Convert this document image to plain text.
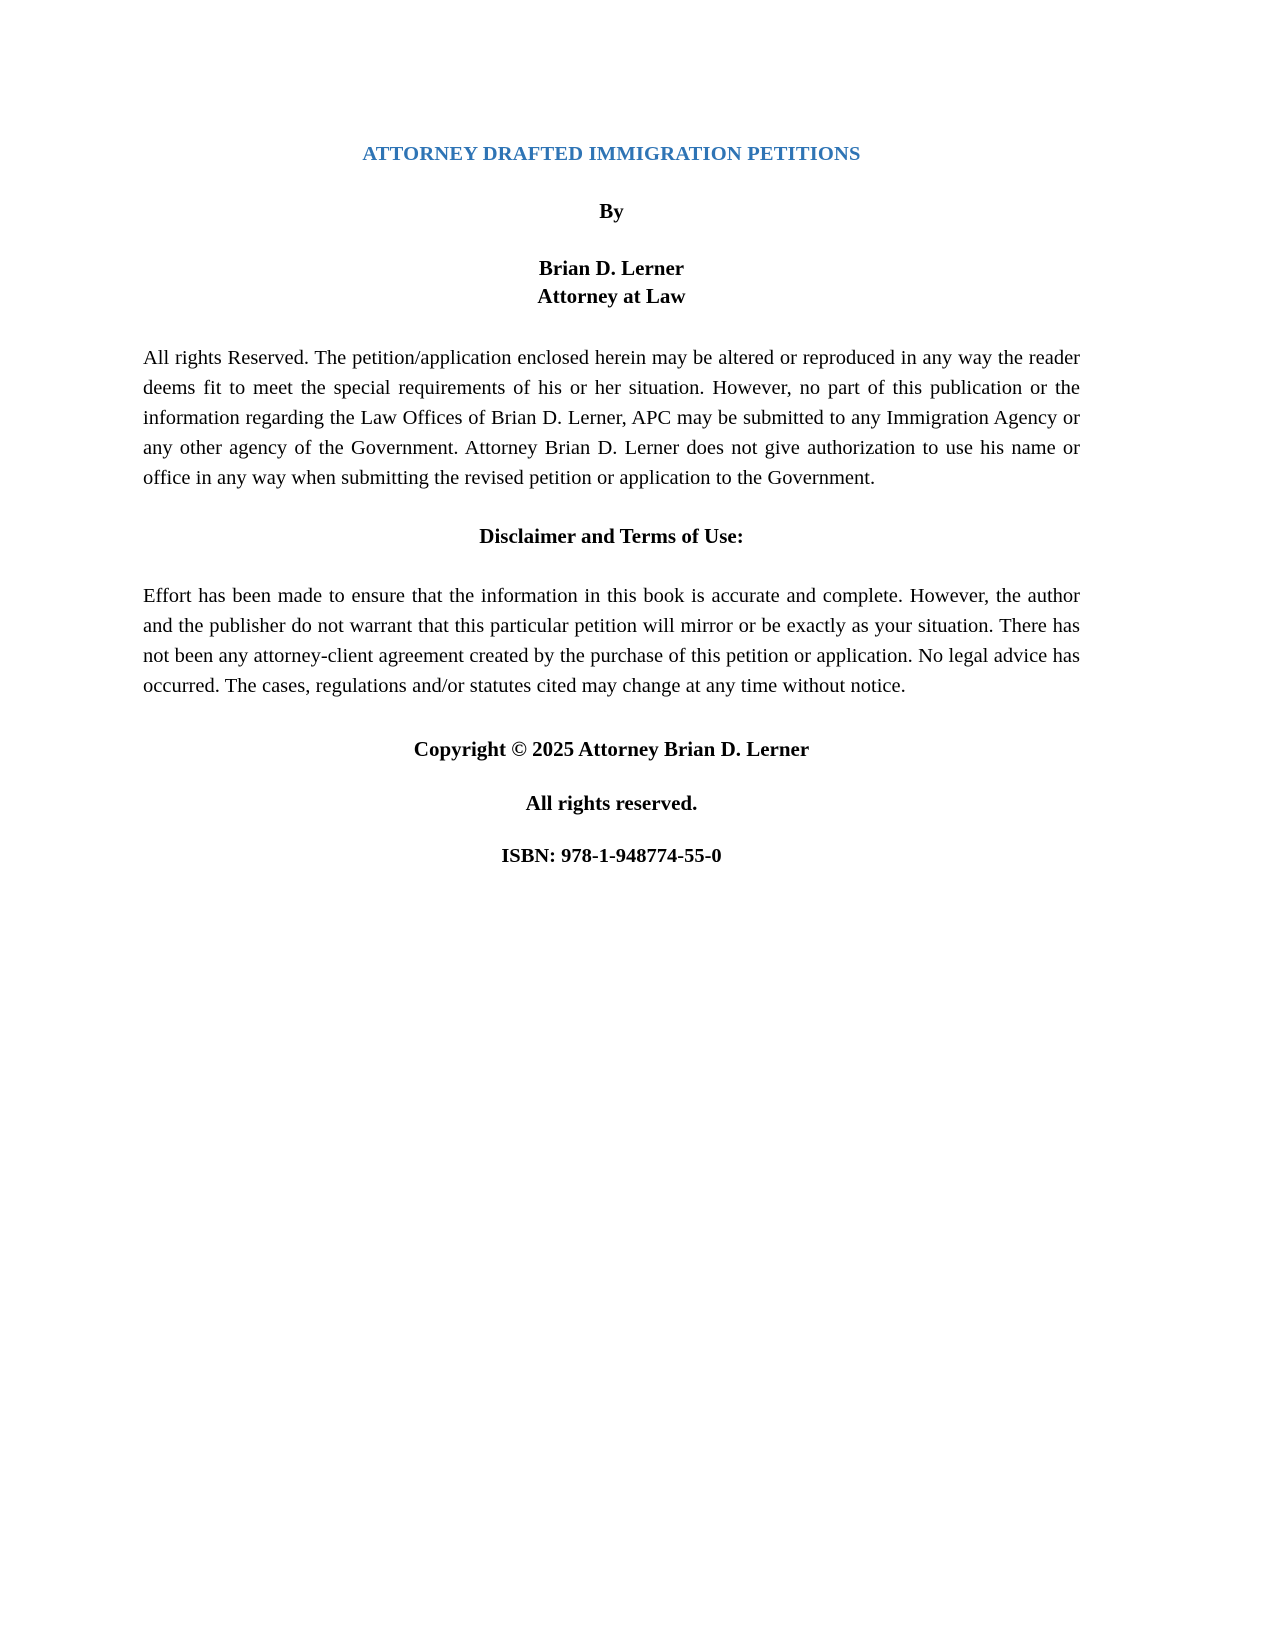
ATTORNEY DRAFTED IMMIGRATION PETITIONS

By

Brian D. Lerner
Attorney at Law

All rights Reserved. The petition/application enclosed herein may be altered or reproduced in any way the reader deems fit to meet the special requirements of his or her situation. However, no part of this publication or the information regarding the Law Offices of Brian D. Lerner, APC may be submitted to any Immigration Agency or any other agency of the Government. Attorney Brian D. Lerner does not give authorization to use his name or office in any way when submitting the revised petition or application to the Government.

Disclaimer and Terms of Use:

Effort has been made to ensure that the information in this book is accurate and complete. However, the author and the publisher do not warrant that this particular petition will mirror or be exactly as your situation. There has not been any attorney-client agreement created by the purchase of this petition or application. No legal advice has occurred. The cases, regulations and/or statutes cited may change at any time without notice.

Copyright © 2025 Attorney Brian D. Lerner

All rights reserved.

ISBN: 978-1-948774-55-0
